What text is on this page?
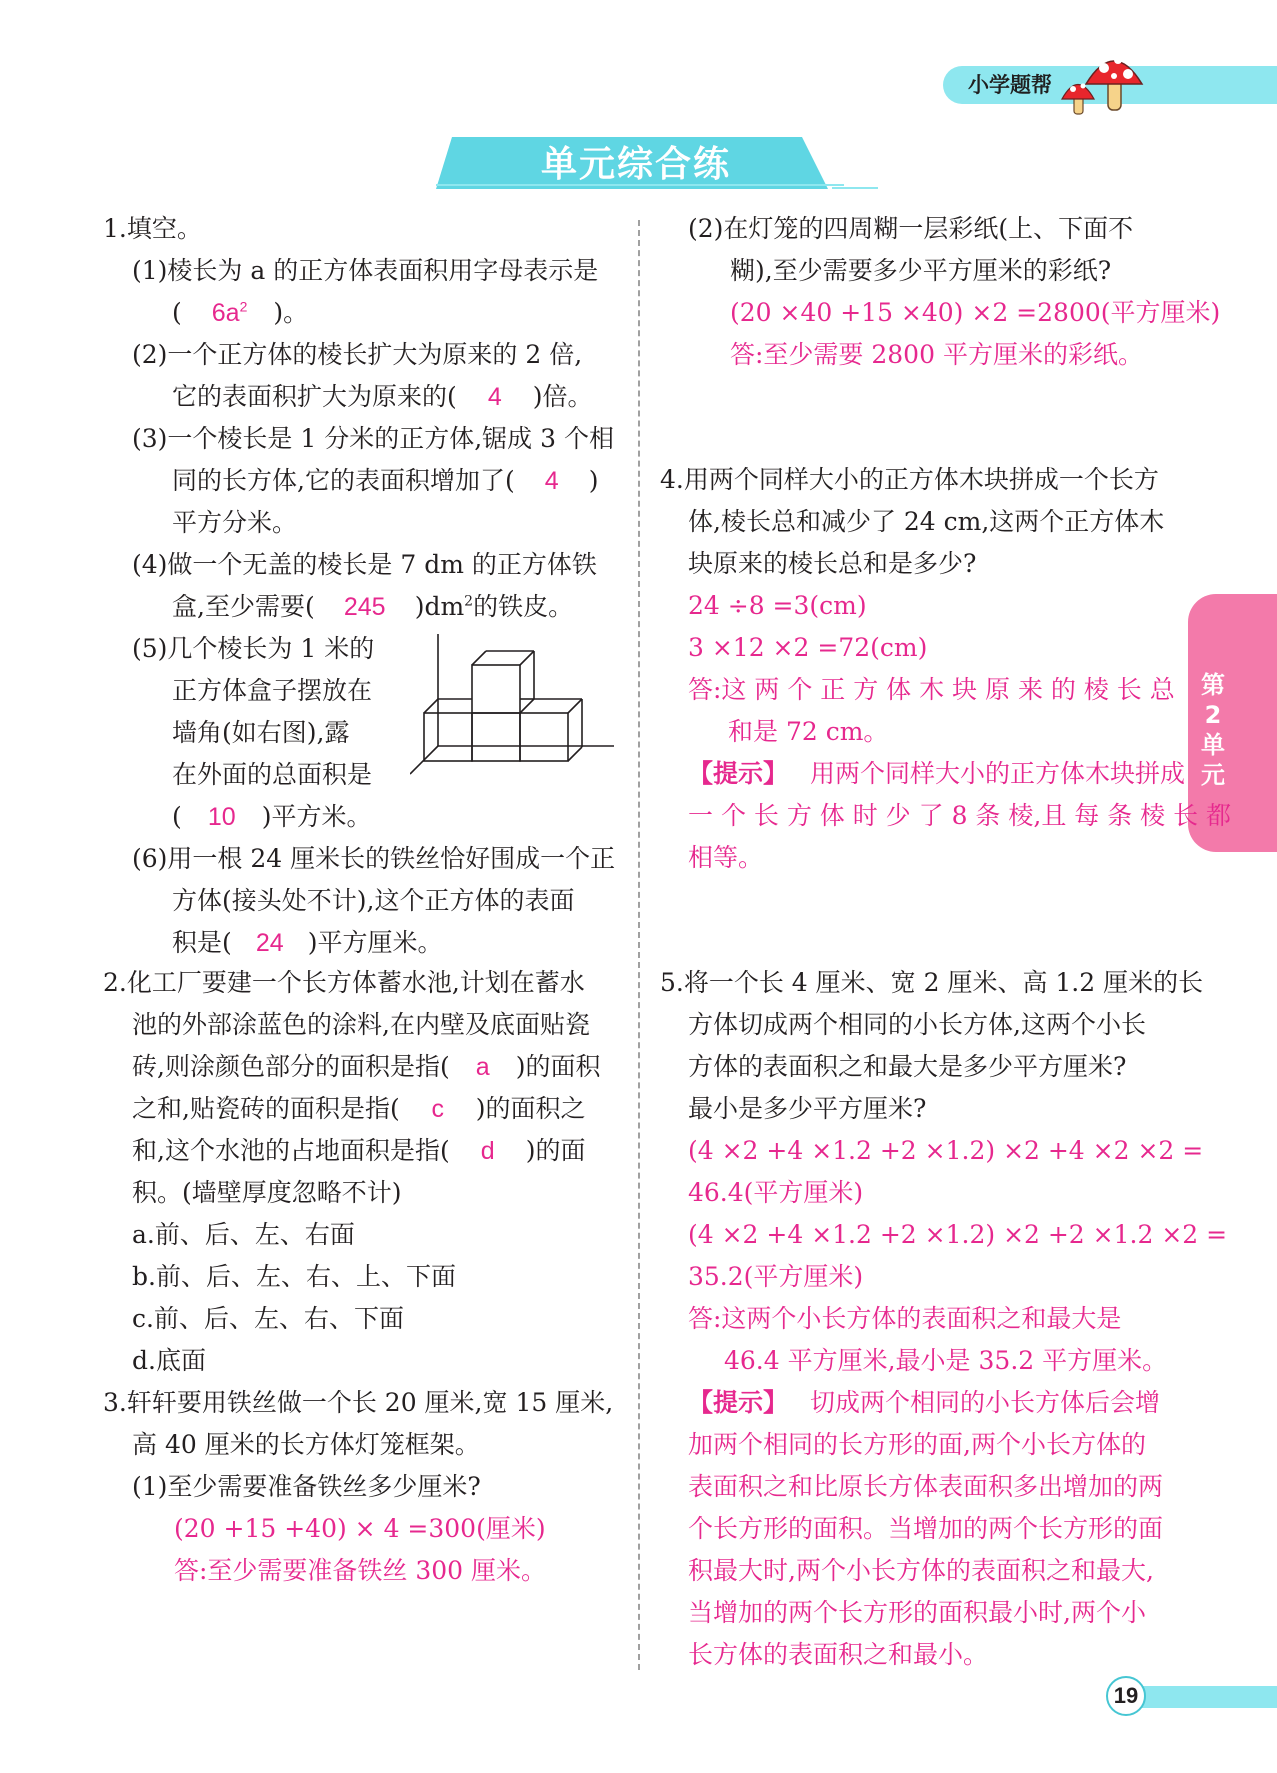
小学题帮
单元综合练
第2单元
19
1.填空。
(1)棱长为 a 的正方体表面积用字母表示是
( $6a^2$ )。
(2)一个正方体的棱长扩大为原来的 2 倍,
它的表面积扩大为原来的( 4 )倍。
(3)一个棱长是 1 分米的正方体,锯成 3 个相
同的长方体,它的表面积增加了( 4 )
平方分米。
(4)做一个无盖的棱长是 7 dm 的正方体铁
盒,至少需要( 245 )$dm^2$的铁皮。
(5)几个棱长为 1 米的
正方体盒子摆放在
墙角(如右图),露
在外面的总面积是
( 10 )平方米。
(6)用一根 24 厘米长的铁丝恰好围成一个正
方体(接头处不计),这个正方体的表面
积是( 24 )平方厘米。
2.化工厂要建一个长方体蓄水池,计划在蓄水
池的外部涂蓝色的涂料,在内壁及底面贴瓷
砖,则涂颜色部分的面积是指( a )的面积
之和,贴瓷砖的面积是指( c )的面积之
和,这个水池的占地面积是指( d )的面
积。(墙壁厚度忽略不计)
a.前、后、左、右面
b.前、后、左、右、上、下面
c.前、后、左、右、下面
d.底面
3.轩轩要用铁丝做一个长 20 厘米,宽 15 厘米,
高 40 厘米的长方体灯笼框架。
(1)至少需要准备铁丝多少厘米?
(20 +15 +40) × 4 =300(厘米)
答:至少需要准备铁丝 300 厘米。
(2)在灯笼的四周糊一层彩纸(上、下面不
糊),至少需要多少平方厘米的彩纸?
(20 ×40 +15 ×40) ×2 =2800(平方厘米)
答:至少需要 2800 平方厘米的彩纸。
4.用两个同样大小的正方体木块拼成一个长方
体,棱长总和减少了 24 cm,这两个正方体木
块原来的棱长总和是多少?
24 ÷8 =3(cm)
3 ×12 ×2 =72(cm)
答:这 两 个 正 方 体 木 块 原 来 的 棱 长 总
和是 72 cm。
【提示】 用两个同样大小的正方体木块拼成
一 个 长 方 体 时 少 了 8 条 棱,且 每 条 棱 长 都
相等。
5.将一个长 4 厘米、宽 2 厘米、高 1.2 厘米的长
方体切成两个相同的小长方体,这两个小长
方体的表面积之和最大是多少平方厘米?
最小是多少平方厘米?
(4 ×2 +4 ×1.2 +2 ×1.2) ×2 +4 ×2 ×2 =
46.4(平方厘米)
(4 ×2 +4 ×1.2 +2 ×1.2) ×2 +2 ×1.2 ×2 =
35.2(平方厘米)
答:这两个小长方体的表面积之和最大是
46.4 平方厘米,最小是 35.2 平方厘米。
【提示】 切成两个相同的小长方体后会增
加两个相同的长方形的面,两个小长方体的
表面积之和比原长方体表面积多出增加的两
个长方形的面积。当增加的两个长方形的面
积最大时,两个小长方体的表面积之和最大,
当增加的两个长方形的面积最小时,两个小
长方体的表面积之和最小。
